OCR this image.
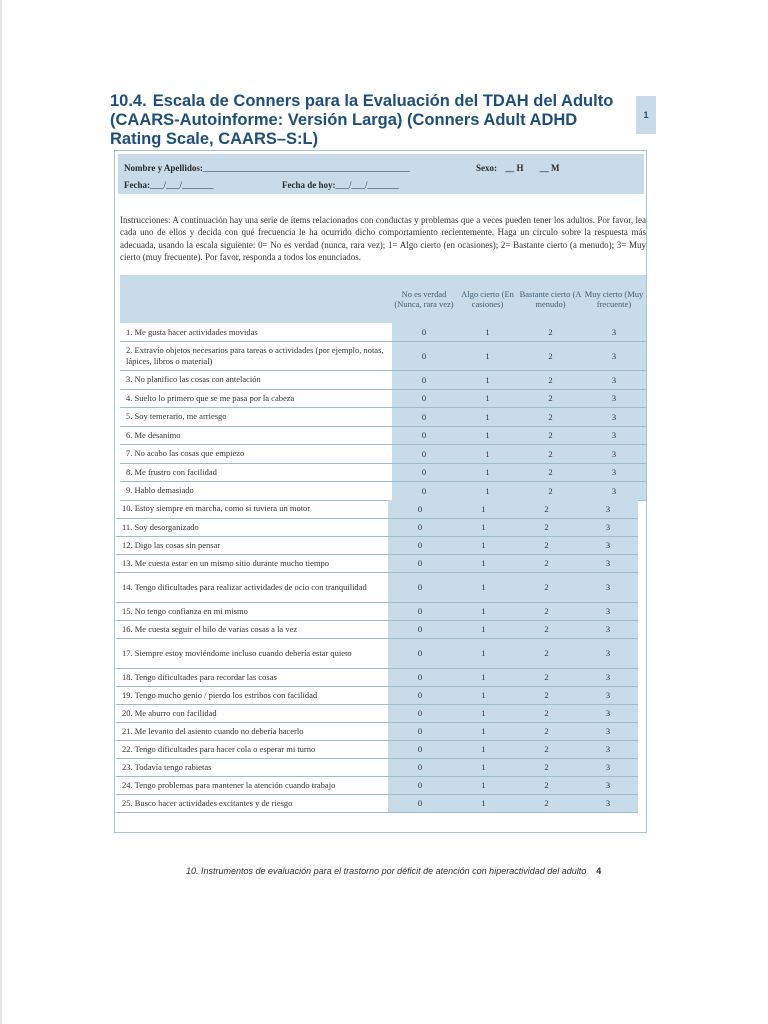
10.4. Escala de Conners para la Evaluación del TDAH del Adulto (CAARS-Autoinforme: Versión Larga) (Conners Adult ADHD Rating Scale, CAARS–S:L)
1
Nombre y Apellidos:______________________________________________	Sexo: __ H __ M
Fecha:___/___/_______	Fecha de hoy:___/___/_______
Instrucciones: A continuación hay una serie de ítems relacionados con conductas y problemas que a veces pueden tener los adultos. Por favor, lea cada uno de ellos y decida con qué frecuencia le ha ocurrido dicho comportamiento recientemente. Haga un círculo sobre la respuesta más adecuada, usando la escala siguiente: 0= No es verdad (nunca, rara vez); 1= Algo cierto (en ocasiones); 2= Bastante cierto (a menudo); 3= Muy cierto (muy frecuente). Por favor, responda a todos los enunciados.
	No es verdad (Nunca, rara vez)	Algo cierto (En casiones)	Bastante cierto (A menudo)	Muy cierto (Muy frecuente)
1. Me gusta hacer actividades movidas	0	1	2	3
2. Extravío objetos necesarios para tareas o actividades (por ejemplo, notas, lápices, libros o material)	0	1	2	3
3. No planifico las cosas con antelación	0	1	2	3
4. Suelto lo primero que se me pasa por la cabeza	0	1	2	3
5. Soy temerario, me arriesgo	0	1	2	3
6. Me desanimo	0	1	2	3
7. No acabo las cosas que empiezo	0	1	2	3
8. Me frustro con facilidad	0	1	2	3
9. Hablo demasiado	0	1	2	3
10. Estoy siempre en marcha, como si tuviera un motor	0	1	2	3
11. Soy desorganizado	0	1	2	3
12. Digo las cosas sin pensar	0	1	2	3
13. Me cuesta estar en un mismo sitio durante mucho tiempo	0	1	2	3
14. Tengo dificultades para realizar actividades de ocio con tranquilidad	0	1	2	3
15. No tengo confianza en mi mismo	0	1	2	3
16. Me cuesta seguir el hilo de varias cosas a la vez	0	1	2	3
17. Siempre estoy moviéndome incluso cuando debería estar quieto	0	1	2	3
18. Tengo dificultades para recordar las cosas	0	1	2	3
19. Tengo mucho genio / pierdo los estribos con facilidad	0	1	2	3
20. Me aburro con facilidad	0	1	2	3
21. Me levanto del asiento cuando no debería hacerlo	0	1	2	3
22. Tengo dificultades para hacer cola o esperar mi turno	0	1	2	3
23. Todavía tengo rabietas	0	1	2	3
24. Tengo problemas para mantener la atención cuando trabajo	0	1	2	3
25. Busco hacer actividades excitantes y de riesgo	0	1	2	3
10. Instrumentos de evaluación para el trastorno por déficit de atención con hiperactividad del adulto 4
